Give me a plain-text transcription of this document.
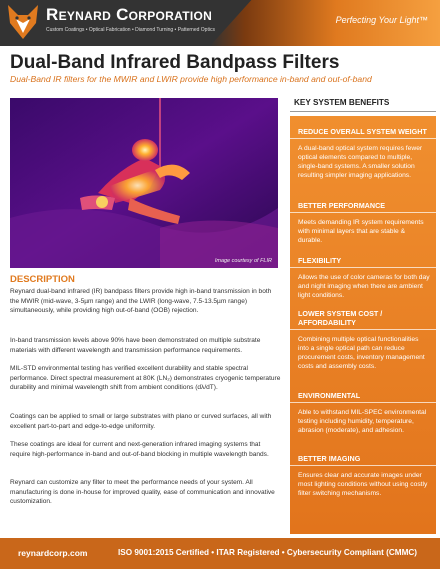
Reynard Corporation
Custom Coatings • Optical Fabrication • Diamond Turning • Patterned Optics
Perfecting Your Light™
Dual-Band Infrared Bandpass Filters
Dual-Band IR filters for the MWIR and LWIR provide high performance in-band and out-of-band
Image courtesy of FLIR
KEY SYSTEM BENEFITS
REDUCE OVERALL SYSTEM WEIGHT
A dual-band optical system requires fewer optical elements compared to multiple, single-band systems. A smaller solution resulting simpler imaging applications.
BETTER PERFORMANCE
Meets demanding IR system requirements with minimal layers that are stable & durable.
FLEXIBILITY
Allows the use of color cameras for both day and night imaging when there are ambient light conditions.
LOWER SYSTEM COST / AFFORDABILITY
Combining multiple optical functionalities into a single optical path can reduce procurement costs, inventory management costs and assembly costs.
ENVIRONMENTAL
Able to withstand MIL-SPEC environmental testing including humidity, temperature, abrasion (moderate), and adhesion.
BETTER IMAGING
Ensures clear and accurate images under most lighting conditions without using costly filter switching mechanisms.
DESCRIPTION
Reynard dual-band infrared (IR) bandpass filters provide high in-band transmission in both the MWIR (mid-wave, 3-5µm range) and the LWIR (long-wave, 7.5-13.5µm range) simultaneously, while providing high out-of-band (OOB) rejection.
In-band transmission levels above 90% have been demonstrated on multiple substrate materials with different wavelength and transmission performance requirements.
MIL-STD environmental testing has verified excellent durability and stable spectral performance. Direct spectral measurement at 80K (LN₂) demonstrates cryogenic temperature durability and minimal wavelength shift from ambient conditions (dλ/dT).
Coatings can be applied to small or large substrates with plano or curved surfaces, all with excellent part-to-part and edge-to-edge uniformity.
These coatings are ideal for current and next-generation infrared imaging systems that require high-performance in-band and out-of-band blocking in multiple wavelength bands.
Reynard can customize any filter to meet the performance needs of your system. All manufacturing is done in-house for improved quality, ease of communication and innovative customization.
reynardcorp.com	ISO 9001:2015 Certified • ITAR Registered • Cybersecurity Compliant (CMMC)
